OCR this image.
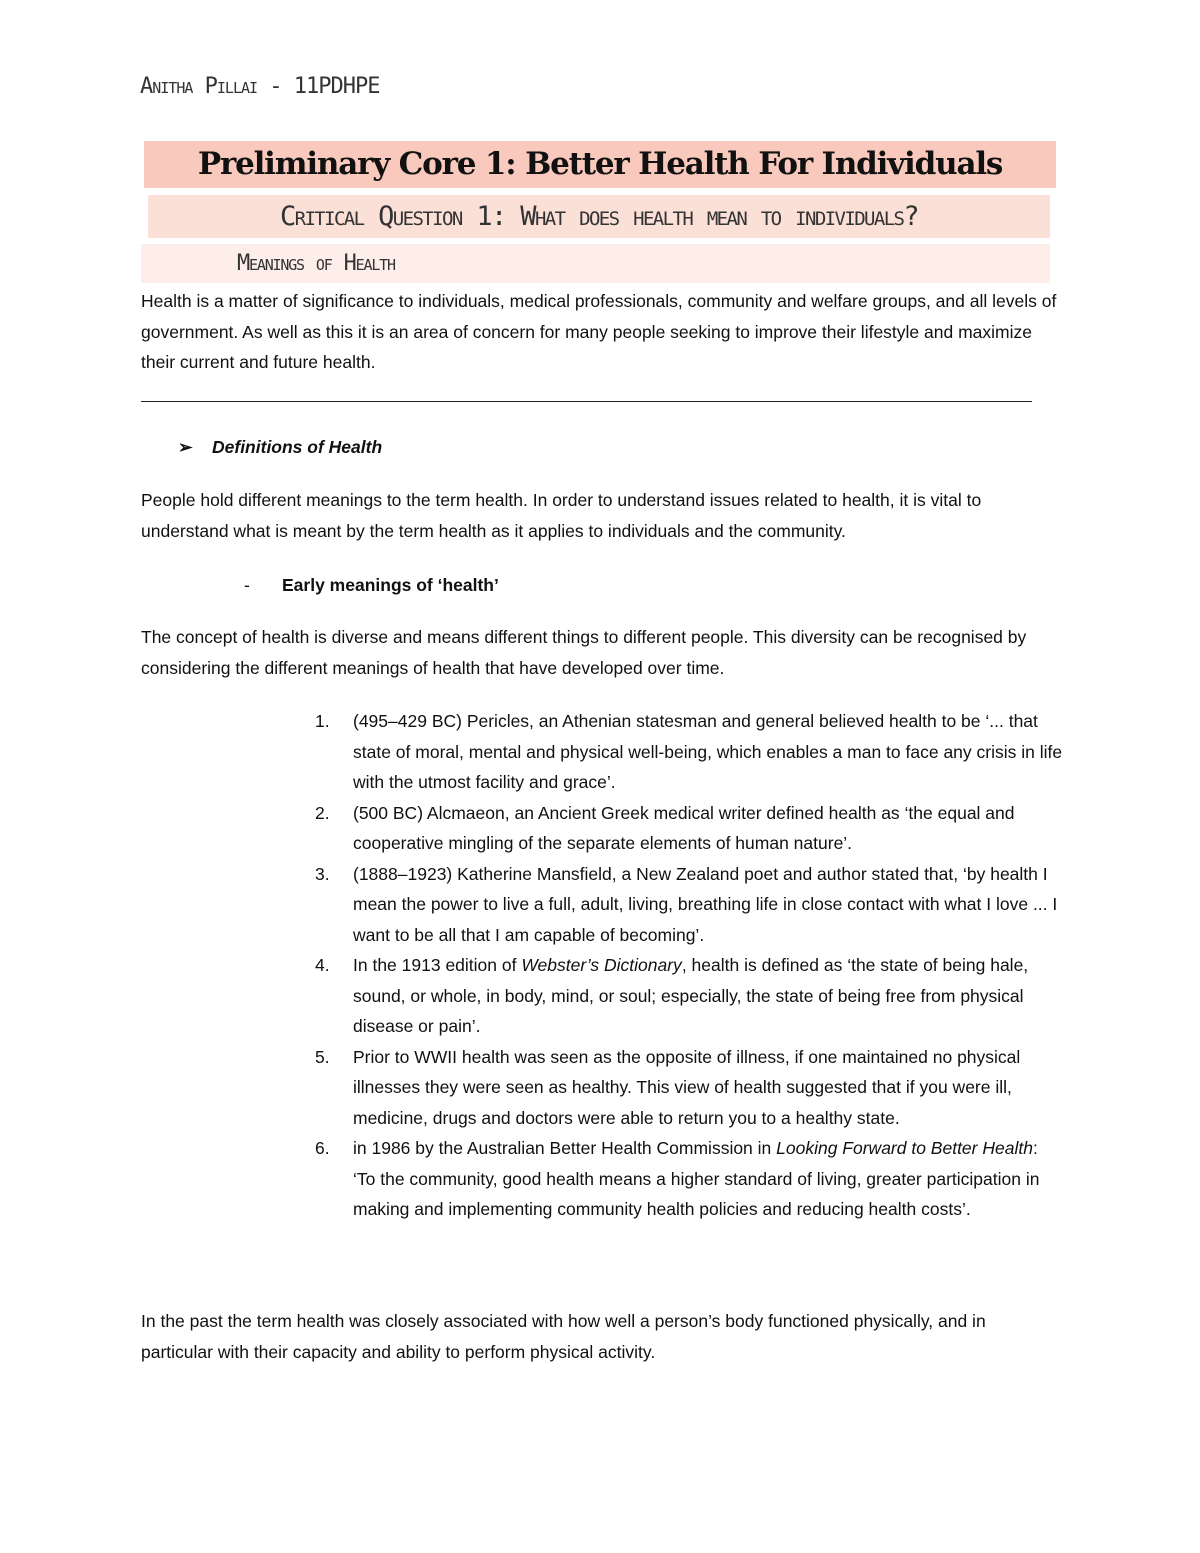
Anitha Pillai - 11PDHPE
Preliminary Core 1: Better Health For Individuals
Critical Question 1: What does health mean to individuals?
Meanings of Health

Health is a matter of significance to individuals, medical professionals, community and welfare groups, and all levels of government. As well as this it is an area of concern for many people seeking to improve their lifestyle and maximize their current and future health.

➢ Definitions of Health

People hold different meanings to the term health. In order to understand issues related to health, it is vital to understand what is meant by the term health as it applies to individuals and the community.

- Early meanings of ‘health’

The concept of health is diverse and means different things to different people. This diversity can be recognised by considering the different meanings of health that have developed over time.

1. (495–429 BC) Pericles, an Athenian statesman and general believed health to be ‘... that state of moral, mental and physical well-being, which enables a man to face any crisis in life with the utmost facility and grace’.
2. (500 BC) Alcmaeon, an Ancient Greek medical writer defined health as ‘the equal and cooperative mingling of the separate elements of human nature’.
3. (1888–1923) Katherine Mansfield, a New Zealand poet and author stated that, ‘by health I mean the power to live a full, adult, living, breathing life in close contact with what I love ... I want to be all that I am capable of becoming’.
4. In the 1913 edition of Webster’s Dictionary, health is defined as ‘the state of being hale, sound, or whole, in body, mind, or soul; especially, the state of being free from physical disease or pain’.
5. Prior to WWII health was seen as the opposite of illness, if one maintained no physical illnesses they were seen as healthy. This view of health suggested that if you were ill, medicine, drugs and doctors were able to return you to a healthy state.
6. in 1986 by the Australian Better Health Commission in Looking Forward to Better Health: ‘To the community, good health means a higher standard of living, greater participation in making and implementing community health policies and reducing health costs’.

In the past the term health was closely associated with how well a person’s body functioned physically, and in particular with their capacity and ability to perform physical activity.
